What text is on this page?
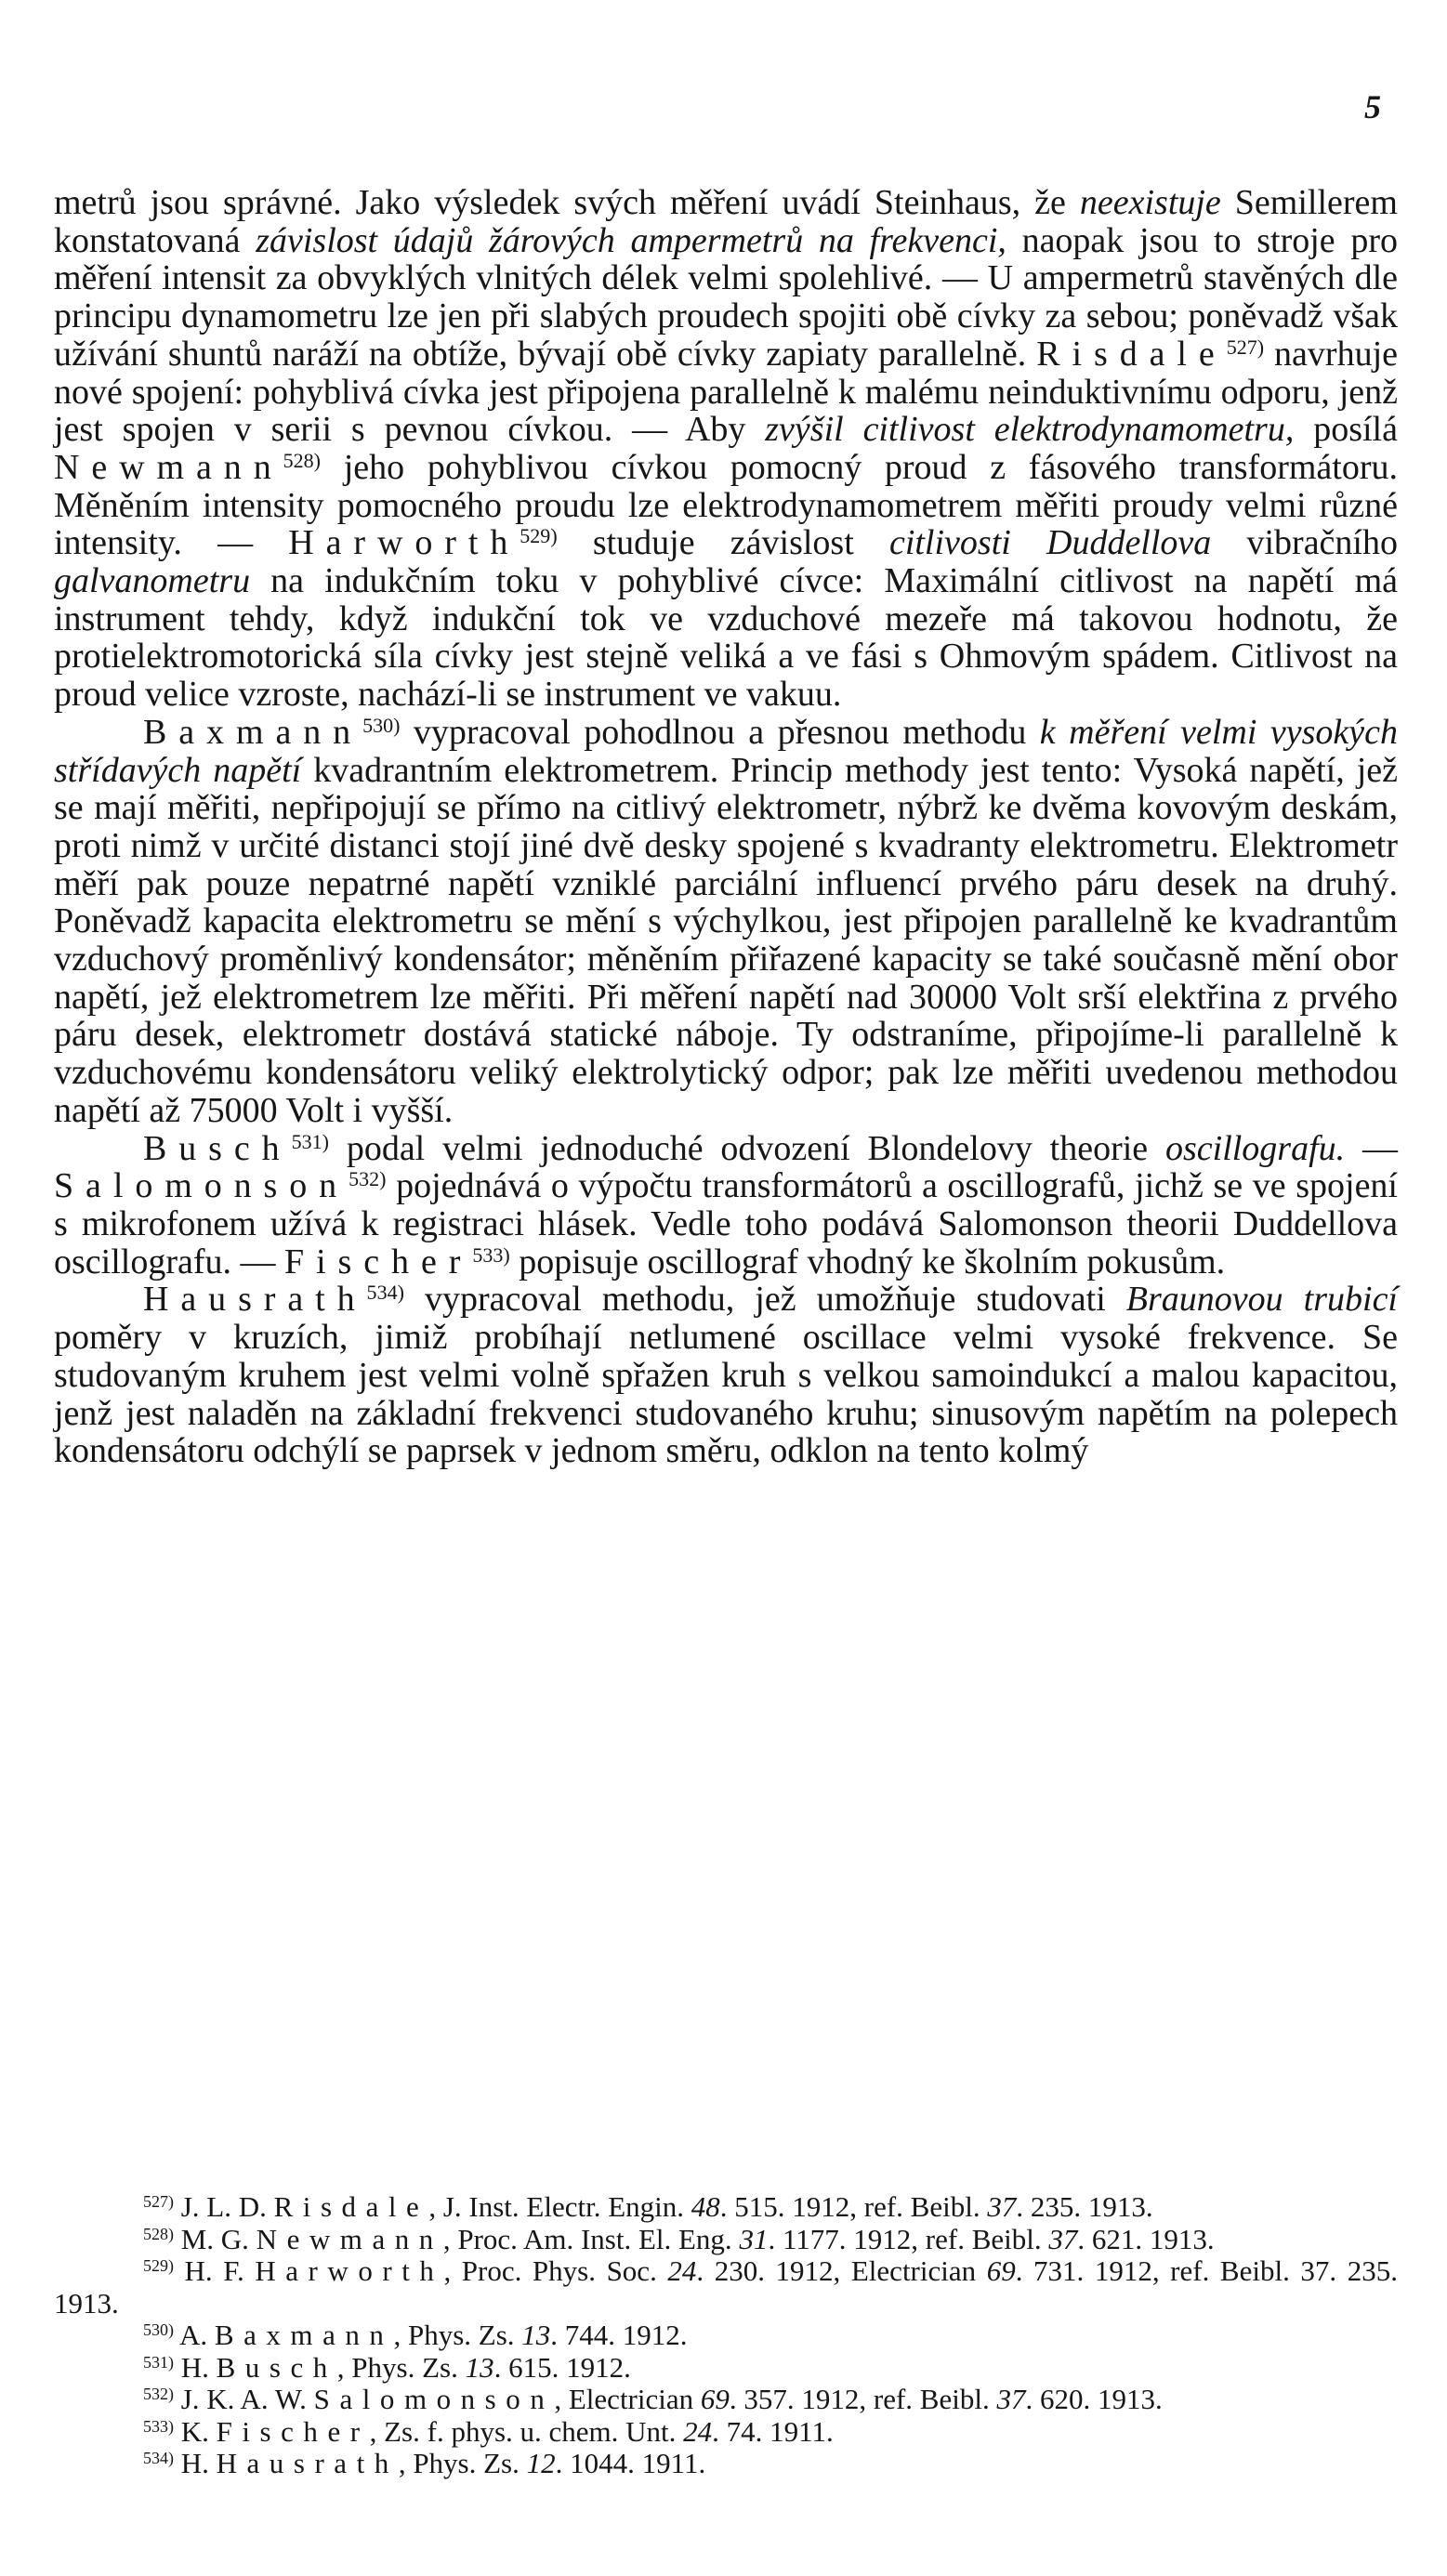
5

metrů jsou správné. Jako výsledek svých měření uvádí Steinhaus, že neexistuje Semillerem konstatovaná závislost údajů žárových ampermetrů na frekvenci, naopak jsou to stroje pro měření intensit za obvyklých vlnitých délek velmi spolehlivé. — U ampermetrů stavěných dle principu dynamometru lze jen při slabých proudech spojiti obě cívky za sebou; poněvadž však užívání shuntů naráží na obtíže, bývají obě cívky zapiaty parallelně. Risdale$^{527)}$ navrhuje nové spojení: pohyblivá cívka jest připojena parallelně k malému neinduktivnímu odporu, jenž jest spojen v serii s pevnou cívkou. — Aby zvýšil citlivost elektrodynamometru, posílá Newmann$^{528)}$ jeho pohyblivou cívkou pomocný proud z fásového transformátoru. Měněním intensity pomocného proudu lze elektrodynamometrem měřiti proudy velmi různé intensity. — Harworth$^{529)}$ studuje závislost citlivosti Duddellova vibračního galvanometru na indukčním toku v pohyblivé cívce: Maximální citlivost na napětí má instrument tehdy, když indukční tok ve vzduchové mezeře má takovou hodnotu, že protielektromotorická síla cívky jest stejně veliká a ve fási s Ohmovým spádem. Citlivost na proud velice vzroste, nachází-li se instrument ve vakuu.

Baxmann$^{530)}$ vypracoval pohodlnou a přesnou methodu k měření velmi vysokých střídavých napětí kvadrantním elektrometrem. Princip methody jest tento: Vysoká napětí, jež se mají měřiti, nepřipojují se přímo na citlivý elektrometr, nýbrž ke dvěma kovovým deskám, proti nimž v určité distanci stojí jiné dvě desky spojené s kvadranty elektrometru. Elektrometr měří pak pouze nepatrné napětí vzniklé parciální influencí prvého páru desek na druhý. Poněvadž kapacita elektrometru se mění s výchylkou, jest připojen parallelně ke kvadrantům vzduchový proměnlivý kondensátor; měněním přiřazené kapacity se také současně mění obor napětí, jež elektrometrem lze měřiti. Při měření napětí nad 30000 Volt srší elektřina z prvého páru desek, elektrometr dostává statické náboje. Ty odstraníme, připojíme-li parallelně k vzduchovému kondensátoru veliký elektrolytický odpor; pak lze měřiti uvedenou methodou napětí až 75000 Volt i vyšší.

Busch$^{531)}$ podal velmi jednoduché odvození Blondelovy theorie oscillografu. — Salomonson$^{532)}$ pojednává o výpočtu transformátorů a oscillografů, jichž se ve spojení s mikrofonem užívá k registraci hlásek. Vedle toho podává Salomonson theorii Duddellova oscillografu. — Fischer$^{533)}$ popisuje oscillograf vhodný ke školním pokusům.

Hausrath$^{534)}$ vypracoval methodu, jež umožňuje studovati Braunovou trubicí poměry v kruzích, jimiž probíhají netlumené oscillace velmi vysoké frekvence. Se studovaným kruhem jest velmi volně spřažen kruh s velkou samoindukcí a malou kapacitou, jenž jest naladěn na základní frekvenci studovaného kruhu; sinusovým napětím na polepech kondensátoru odchýlí se paprsek v jednom směru, odklon na tento kolmý

$^{527)}$ J. L. D. Risdale, J. Inst. Electr. Engin. 48. 515. 1912, ref. Beibl. 37. 235. 1913.

$^{528)}$ M. G. Newmann, Proc. Am. Inst. El. Eng. 31. 1177. 1912, ref. Beibl. 37. 621. 1913.

$^{529)}$ H. F. Harworth, Proc. Phys. Soc. 24. 230. 1912, Electrician 69. 731. 1912, ref. Beibl. 37. 235. 1913.

$^{530)}$ A. Baxmann, Phys. Zs. 13. 744. 1912.

$^{531)}$ H. Busch, Phys. Zs. 13. 615. 1912.

$^{532)}$ J. K. A. W. Salomonson, Electrician 69. 357. 1912, ref. Beibl. 37. 620. 1913.

$^{533)}$ K. Fischer, Zs. f. phys. u. chem. Unt. 24. 74. 1911.

$^{534)}$ H. Hausrath, Phys. Zs. 12. 1044. 1911.
